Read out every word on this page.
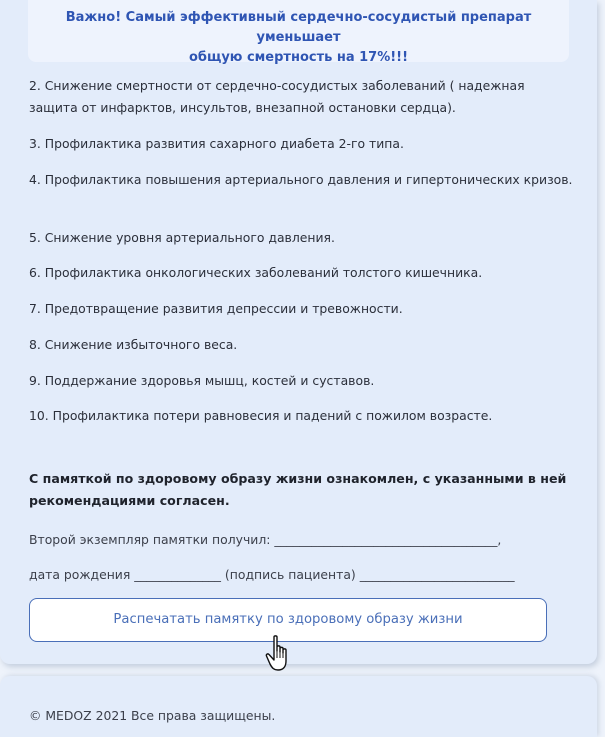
Важно! Самый эффективный сердечно-сосудистый препарат уменьшает
общую смертность на 17%!!!
2. Снижение смертности от сердечно-сосудистых заболеваний ( надежная защита от инфарктов, инсультов, внезапной остановки сердца).
3. Профилактика развития сахарного диабета 2-го типа.
4. Профилактика повышения артериального давления и гипертонических кризов.
5. Снижение уровня артериального давления.
6. Профилактика онкологических заболеваний толстого кишечника.
7. Предотвращение развития депрессии и тревожности.
8. Снижение избыточного веса.
9. Поддержание здоровья мышц, костей и суставов.
10. Профилактика потери равновесия и падений с пожилом возрасте.
С памяткой по здоровому образу жизни ознакомлен, с указанными в ней рекомендациями согласен.
Второй экземпляр памятки получил: ____________________________________,
дата рождения ______________ (подпись пациента) _________________________
Распечатать памятку по здоровому образу жизни
© MEDOZ 2021 Все права защищены.
